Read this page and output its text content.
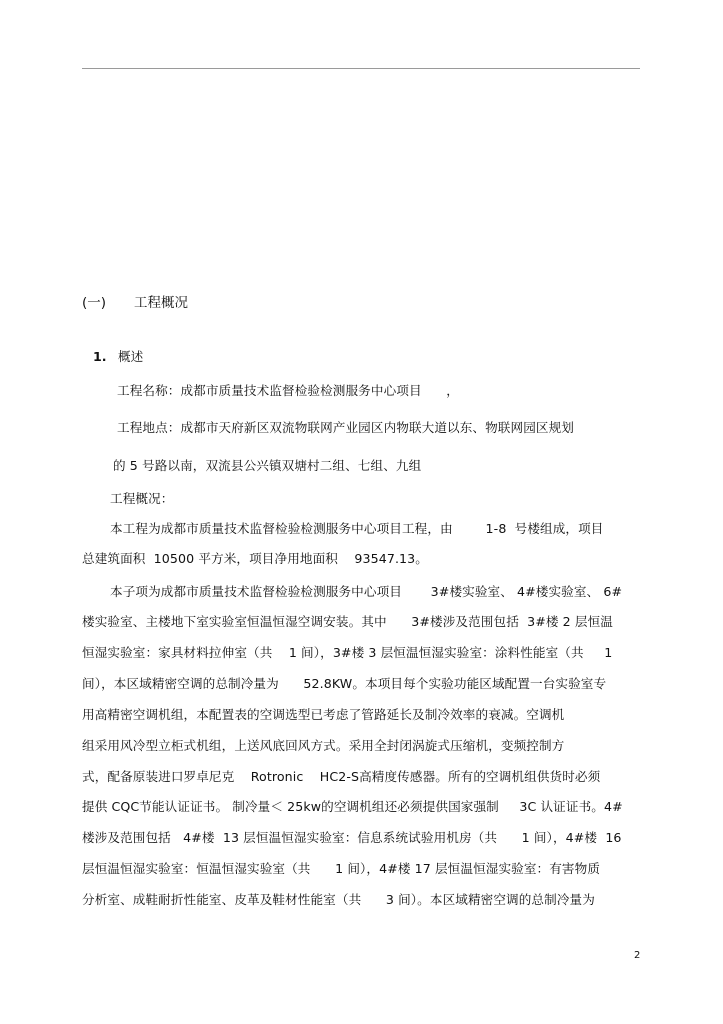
(一) 工程概况
1. 概述
工程名称：成都市质量技术监督检验检测服务中心项目      ，
工程地点：成都市天府新区双流物联网产业园区内物联大道以东、物联网园区规划
的 5 号路以南，双流县公兴镇双塘村二组、七组、九组
工程概况：
本工程为成都市质量技术监督检验检测服务中心项目工程，由        1-8  号楼组成，项目
总建筑面积  10500 平方米，项目净用地面积    93547.13。
本子项为成都市质量技术监督检验检测服务中心项目       3#楼实验室、 4#楼实验室、 6#
楼实验室、主楼地下室实验室恒温恒湿空调安装。其中      3#楼涉及范围包括  3#楼 2 层恒温
恒湿实验室：家具材料拉伸室（共    1 间），3#楼 3 层恒温恒湿实验室：涂料性能室（共     1
间），本区域精密空调的总制冷量为      52.8KW。本项目每个实验功能区域配置一台实验室专
用高精密空调机组，本配置表的空调选型已考虑了管路延长及制冷效率的衰减。空调机
组采用风冷型立柜式机组，上送风底回风方式。采用全封闭涡旋式压缩机，变频控制方
式，配备原装进口罗卓尼克    Rotronic    HC2-S高精度传感器。所有的空调机组供货时必须
提供 CQC节能认证证书。 制冷量＜ 25kw的空调机组还必须提供国家强制     3C 认证证书。4#
楼涉及范围包括   4#楼  13 层恒温恒湿实验室：信息系统试验用机房（共      1 间），4#楼  16
层恒温恒湿实验室：恒温恒湿实验室（共      1 间），4#楼 17 层恒温恒湿实验室：有害物质
分析室、成鞋耐折性能室、皮革及鞋材性能室（共      3 间）。本区域精密空调的总制冷量为
2
